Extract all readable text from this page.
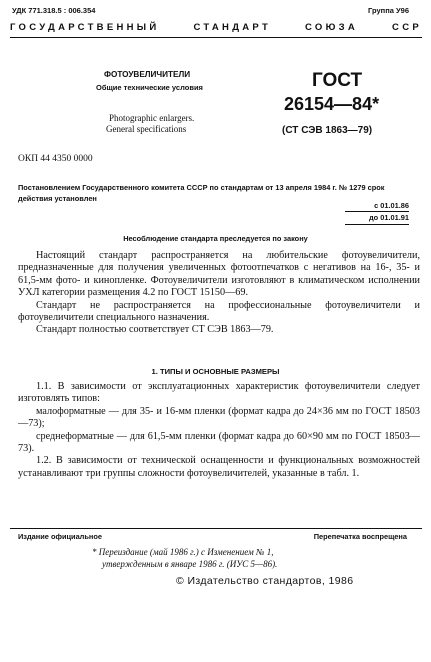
УДК 771.318.5 : 006.354	Группа У96
ГОСУДАРСТВЕННЫЙ СТАНДАРТ СОЮЗА ССР
ФОТОУВЕЛИЧИТЕЛИ
Общие технические условия
Photographic enlargers.
General specifications
ГОСТ
26154—84*
(СТ СЭВ 1863—79)
ОКП 44 4350 0000
Постановлением Государственного комитета СССР по стандартам от 13 апреля 1984 г. № 1279 срок действия установлен
с 01.01.86
до 01.01.91
Несоблюдение стандарта преследуется по закону

Настоящий стандарт распространяется на любительские фотоувеличители, предназначенные для получения увеличенных фотоотпечатков с негативов на 16-, 35- и 61,5-мм фото- и кинопленке. Фотоувеличители изготовляют в климатическом исполнении УХЛ категории размещения 4.2 по ГОСТ 15150—69.

Стандарт не распространяется на профессиональные фотоувеличители и фотоувеличители специального назначения.

Стандарт полностью соответствует СТ СЭВ 1863—79.

1. ТИПЫ И ОСНОВНЫЕ РАЗМЕРЫ

1.1. В зависимости от эксплуатационных характеристик фотоувеличители следует изготовлять типов:

малоформатные — для 35- и 16-мм пленки (формат кадра до 24×36 мм по ГОСТ 18503—73);

среднеформатные — для 61,5-мм пленки (формат кадра до 60×90 мм по ГОСТ 18503—73).

1.2. В зависимости от технической оснащенности и функциональных возможностей устанавливают три группы сложности фотоувеличителей, указанные в табл. 1.

Издание официальное	Перепечатка воспрещена
* Переиздание (май 1986 г.) с Изменением № 1,
утвержденным в январе 1986 г. (ИУС 5—86).
© Издательство стандартов, 1986
